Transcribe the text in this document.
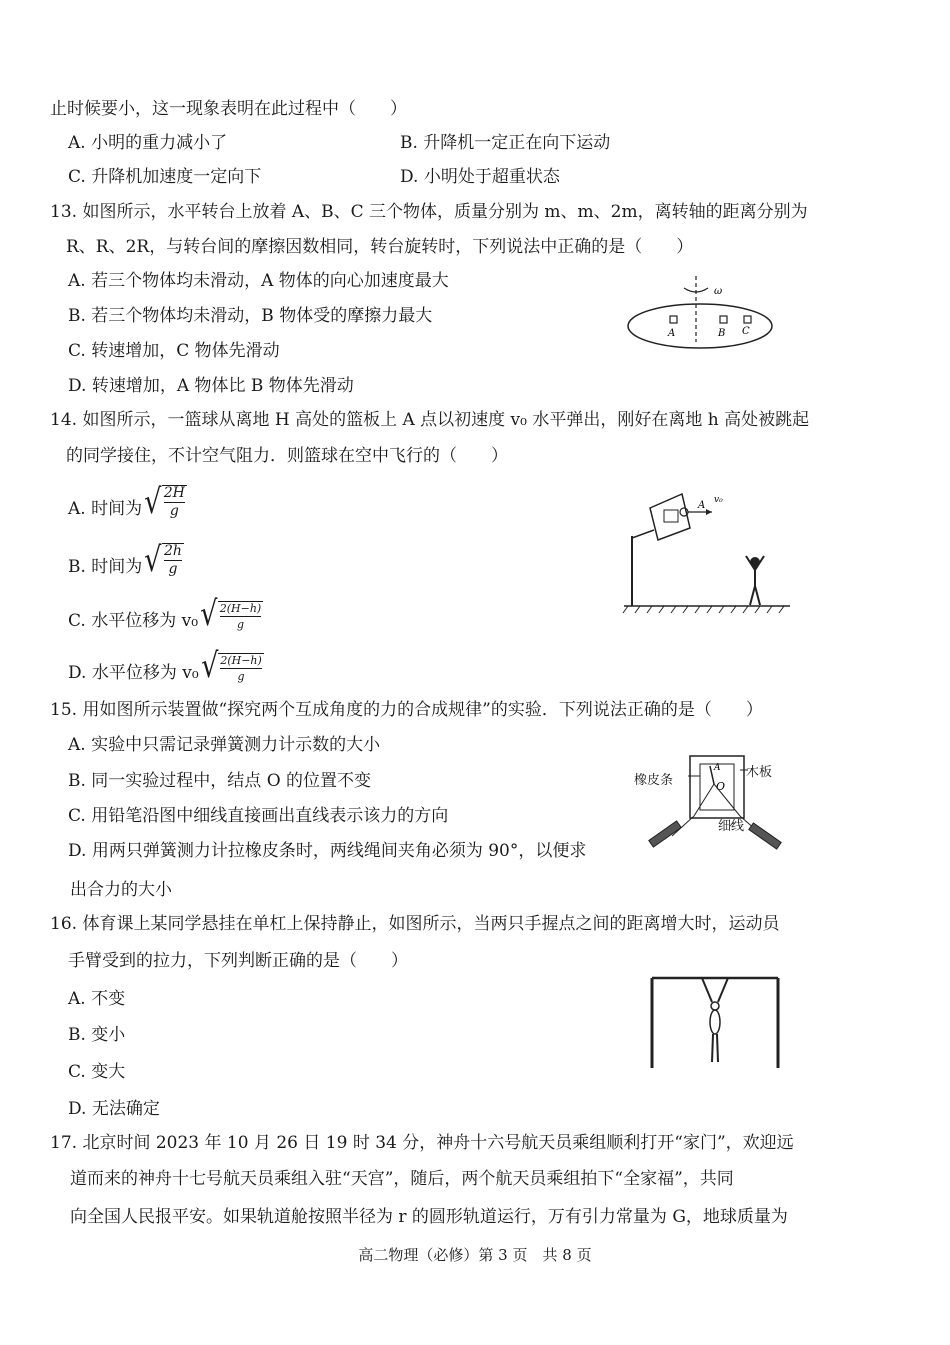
止时候要小，这一现象表明在此过程中（　　）
A. 小明的重力减小了	B. 升降机一定正在向下运动
C. 升降机加速度一定向下	D. 小明处于超重状态
13. 如图所示，水平转台上放着 A、B、C 三个物体，质量分别为 m、m、2m，离转轴的距离分别为
R、R、2R，与转台间的摩擦因数相同，转台旋转时，下列说法中正确的是（　　）
A. 若三个物体均未滑动，A 物体的向心加速度最大
B. 若三个物体均未滑动，B 物体受的摩擦力最大
C. 转速增加，C 物体先滑动
D. 转速增加，A 物体比 B 物体先滑动
ω
A	B C
14. 如图所示，一篮球从离地 H 高处的篮板上 A 点以初速度 v₀ 水平弹出，刚好在离地 h 高处被跳起
的同学接住，不计空气阻力．则篮球在空中飞行的（　　）
A. 时间为 √ 2H
g
B. 时间为 √ 2h
g
C. 水平位移为 v₀ √ 2(H−h)
g
D. 水平位移为 v₀ √ 2(H−h)
g
A v₀
15. 用如图所示装置做“探究两个互成角度的力的合成规律”的实验．下列说法正确的是（　　）
A. 实验中只需记录弹簧测力计示数的大小
B. 同一实验过程中，结点 O 的位置不变
C. 用铅笔沿图中细线直接画出直线表示该力的方向
D. 用两只弹簧测力计拉橡皮条时，两线绳间夹角必须为 90°，以便求
出合力的大小
A
O
橡皮条
木板
细线
16. 体育课上某同学悬挂在单杠上保持静止，如图所示，当两只手握点之间的距离增大时，运动员
手臂受到的拉力，下列判断正确的是（　　）
A. 不变
B. 变小
C. 变大
D. 无法确定
17. 北京时间 2023 年 10 月 26 日 19 时 34 分，神舟十六号航天员乘组顺利打开“家门”，欢迎远
道而来的神舟十七号航天员乘组入驻“天宫”，随后，两个航天员乘组拍下“全家福”，共同
向全国人民报平安。如果轨道舱按照半径为 r 的圆形轨道运行，万有引力常量为 G，地球质量为
高二物理（必修）第 3 页　共 8 页
